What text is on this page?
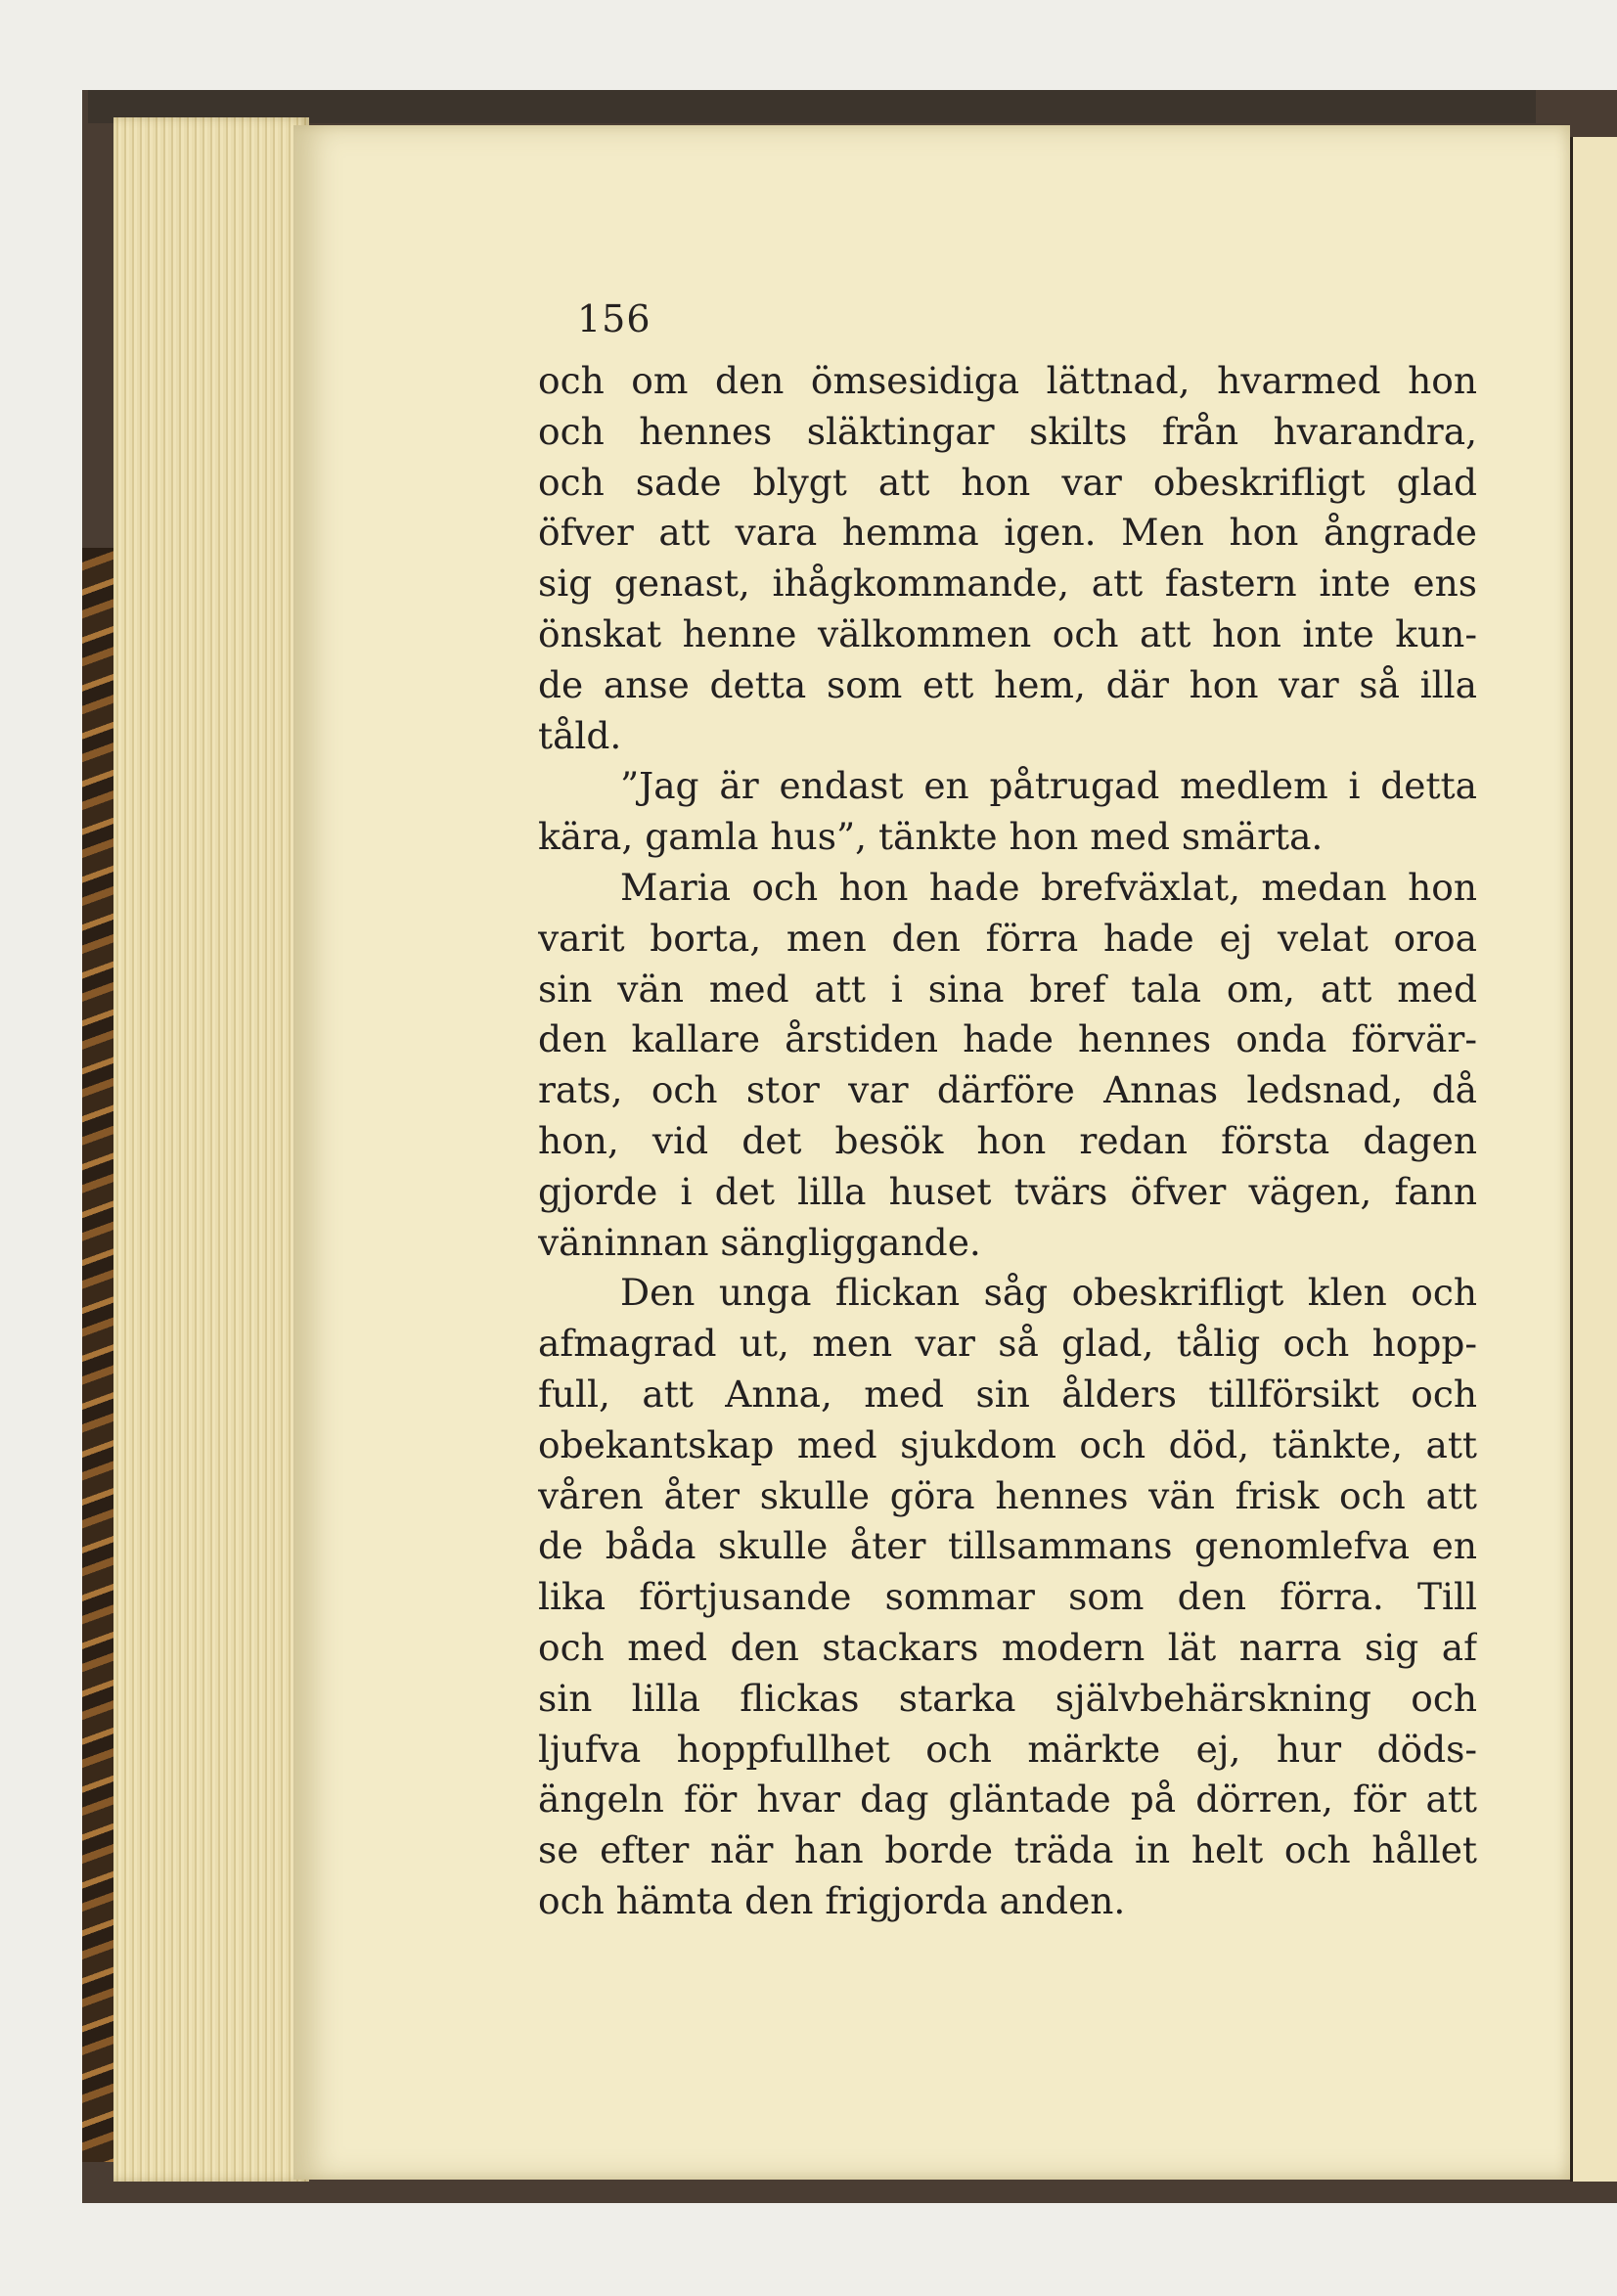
156
och om den ömsesidiga lättnad, hvarmed hon
och hennes släktingar skilts från hvarandra,
och sade blygt att hon var obeskrifligt glad
öfver att vara hemma igen. Men hon ångrade
sig genast, ihågkommande, att fastern inte ens
önskat henne välkommen och att hon inte kun-
de anse detta som ett hem, där hon var så illa
tåld.
”Jag är endast en påtrugad medlem i detta
kära, gamla hus”, tänkte hon med smärta.
Maria och hon hade brefväxlat, medan hon
varit borta, men den förra hade ej velat oroa
sin vän med att i sina bref tala om, att med
den kallare årstiden hade hennes onda förvär-
rats, och stor var därföre Annas ledsnad, då
hon, vid det besök hon redan första dagen
gjorde i det lilla huset tvärs öfver vägen, fann
väninnan sängliggande.
Den unga flickan såg obeskrifligt klen och
afmagrad ut, men var så glad, tålig och hopp-
full, att Anna, med sin ålders tillförsikt och
obekantskap med sjukdom och död, tänkte, att
våren åter skulle göra hennes vän frisk och att
de båda skulle åter tillsammans genomlefva en
lika förtjusande sommar som den förra. Till
och med den stackars modern lät narra sig af
sin lilla flickas starka självbehärskning och
ljufva hoppfullhet och märkte ej, hur döds-
ängeln för hvar dag gläntade på dörren, för att
se efter när han borde träda in helt och hållet
och hämta den frigjorda anden.
